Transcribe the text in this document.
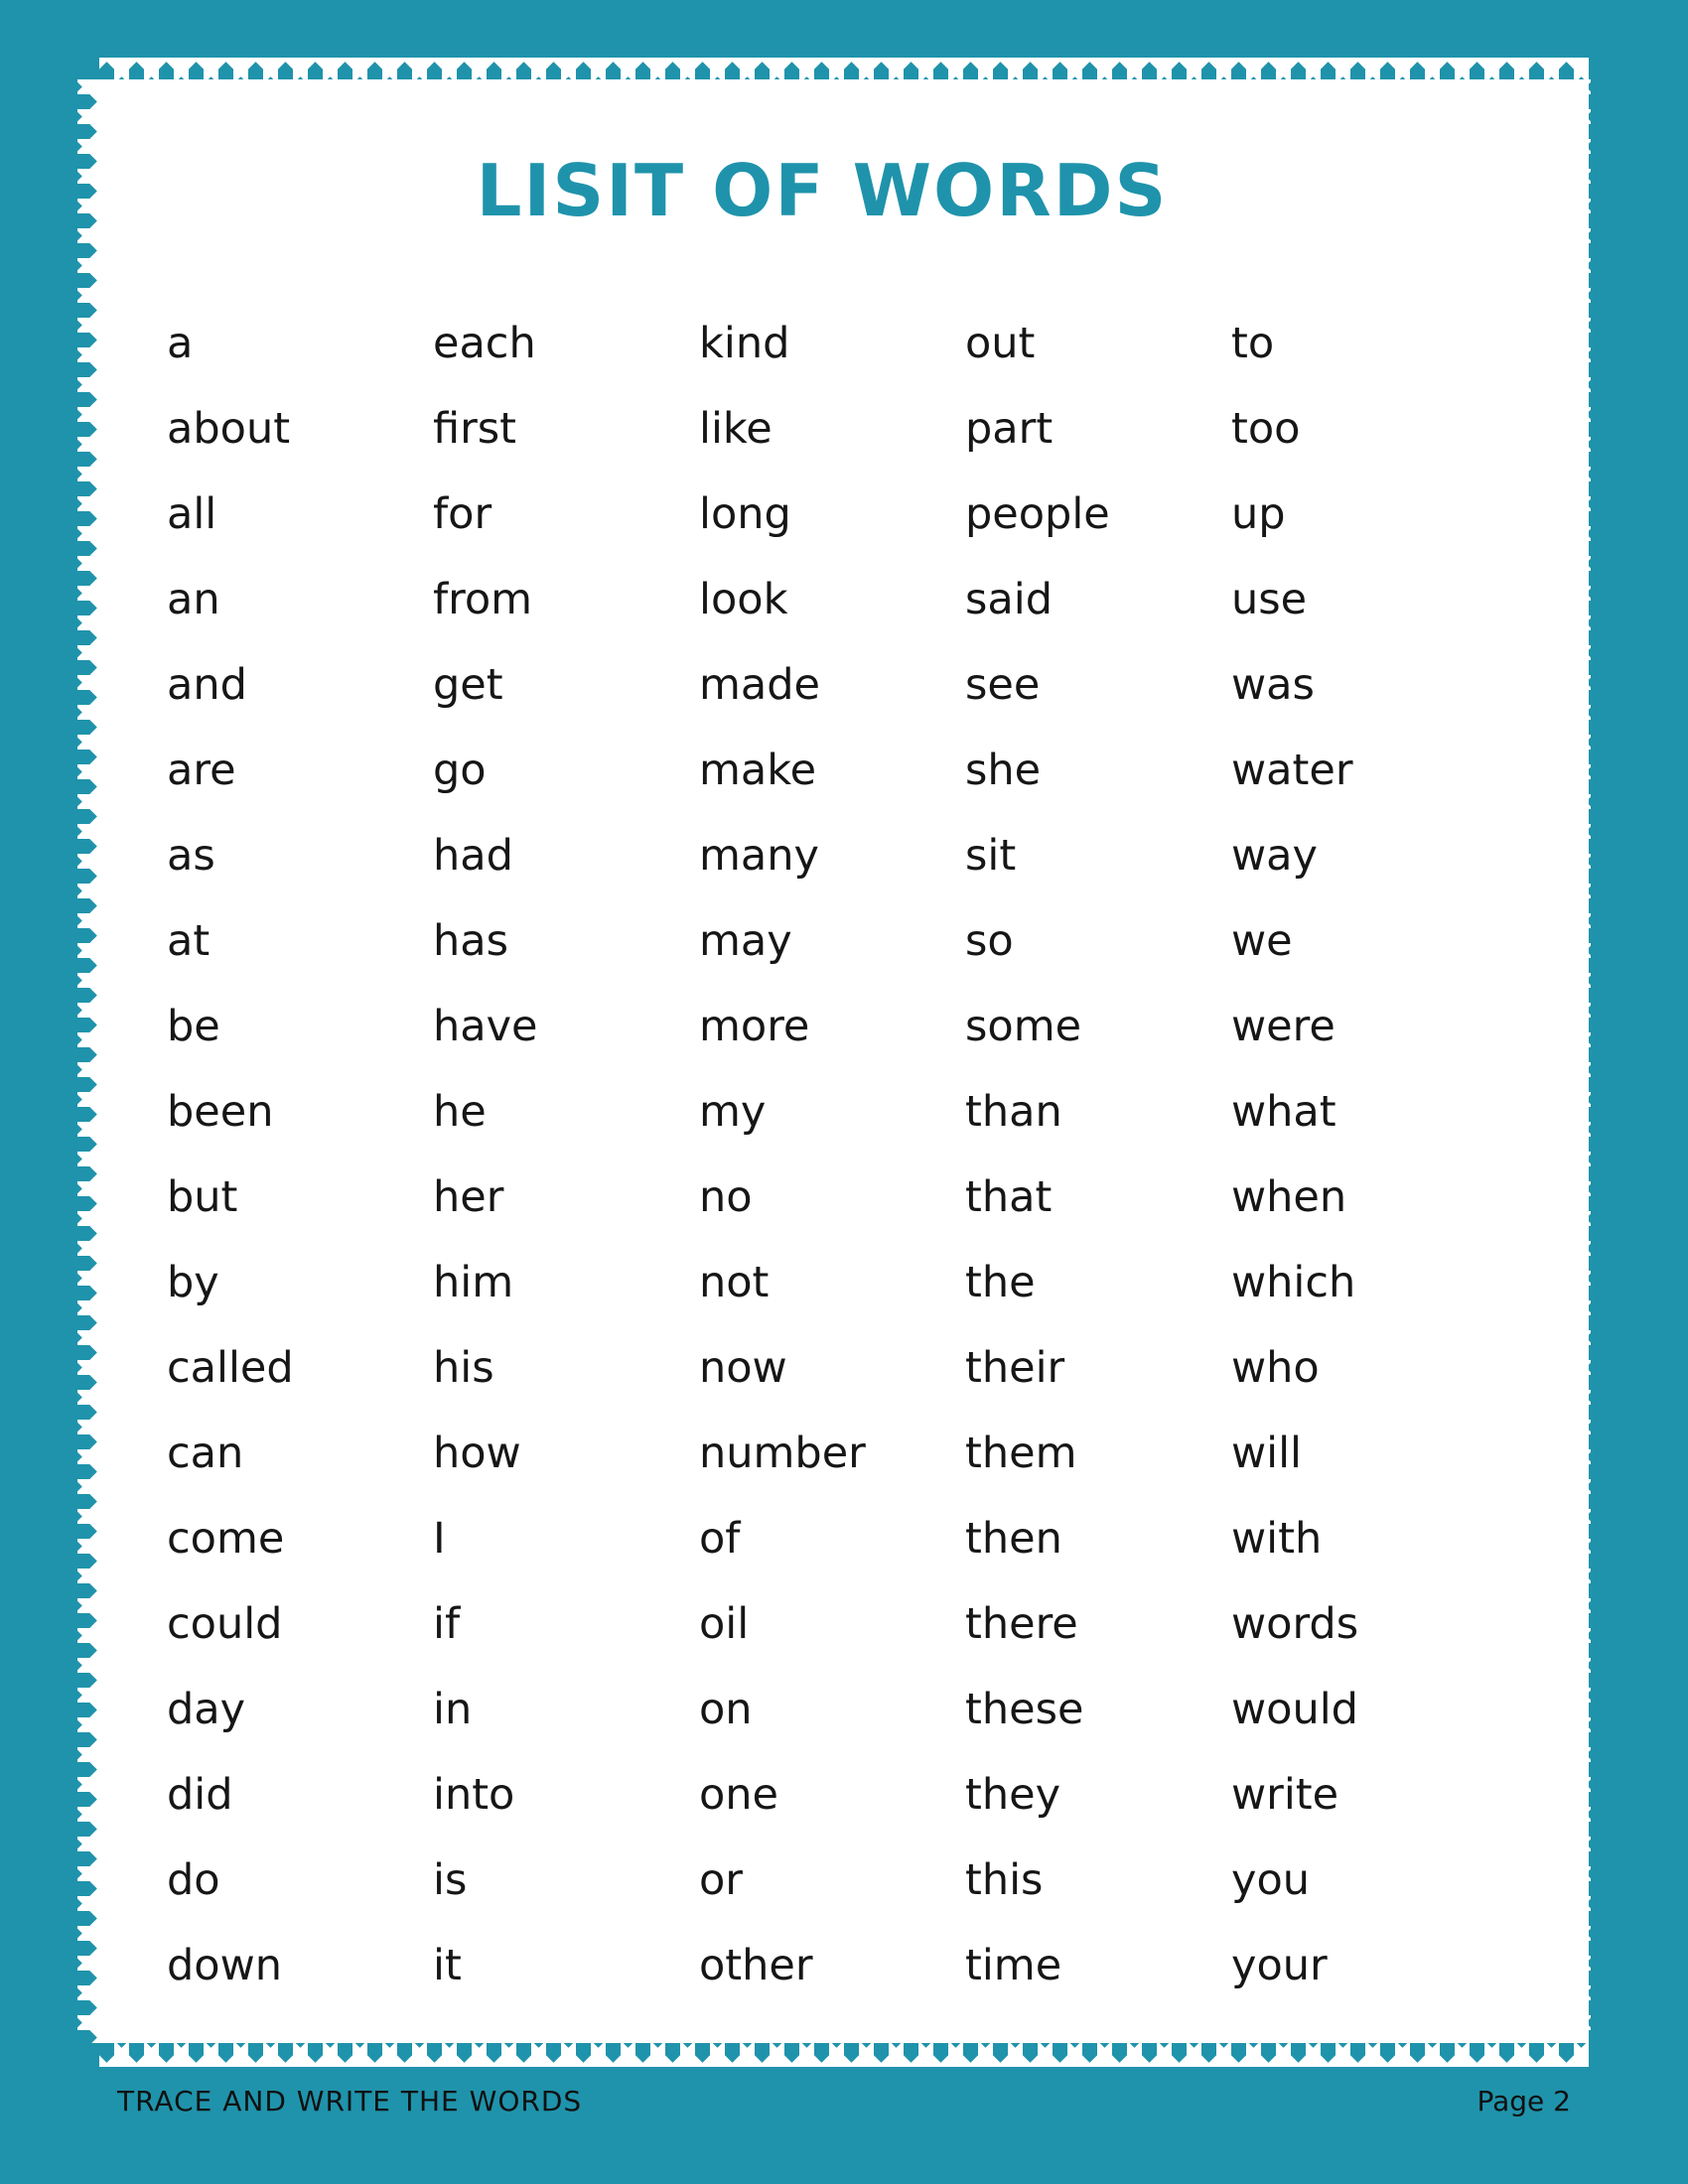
LISIT OF WORDS
a
about
all
an
and
are
as
at
be
been
but
by
called
can
come
could
day
did
do
down
each
first
for
from
get
go
had
has
have
he
her
him
his
how
I
if
in
into
is
it
kind
like
long
look
made
make
many
may
more
my
no
not
now
number
of
oil
on
one
or
other
out
part
people
said
see
she
sit
so
some
than
that
the
their
them
then
there
these
they
this
time
to
too
up
use
was
water
way
we
were
what
when
which
who
will
with
words
would
write
you
your
TRACE AND WRITE THE WORDS	Page 2
